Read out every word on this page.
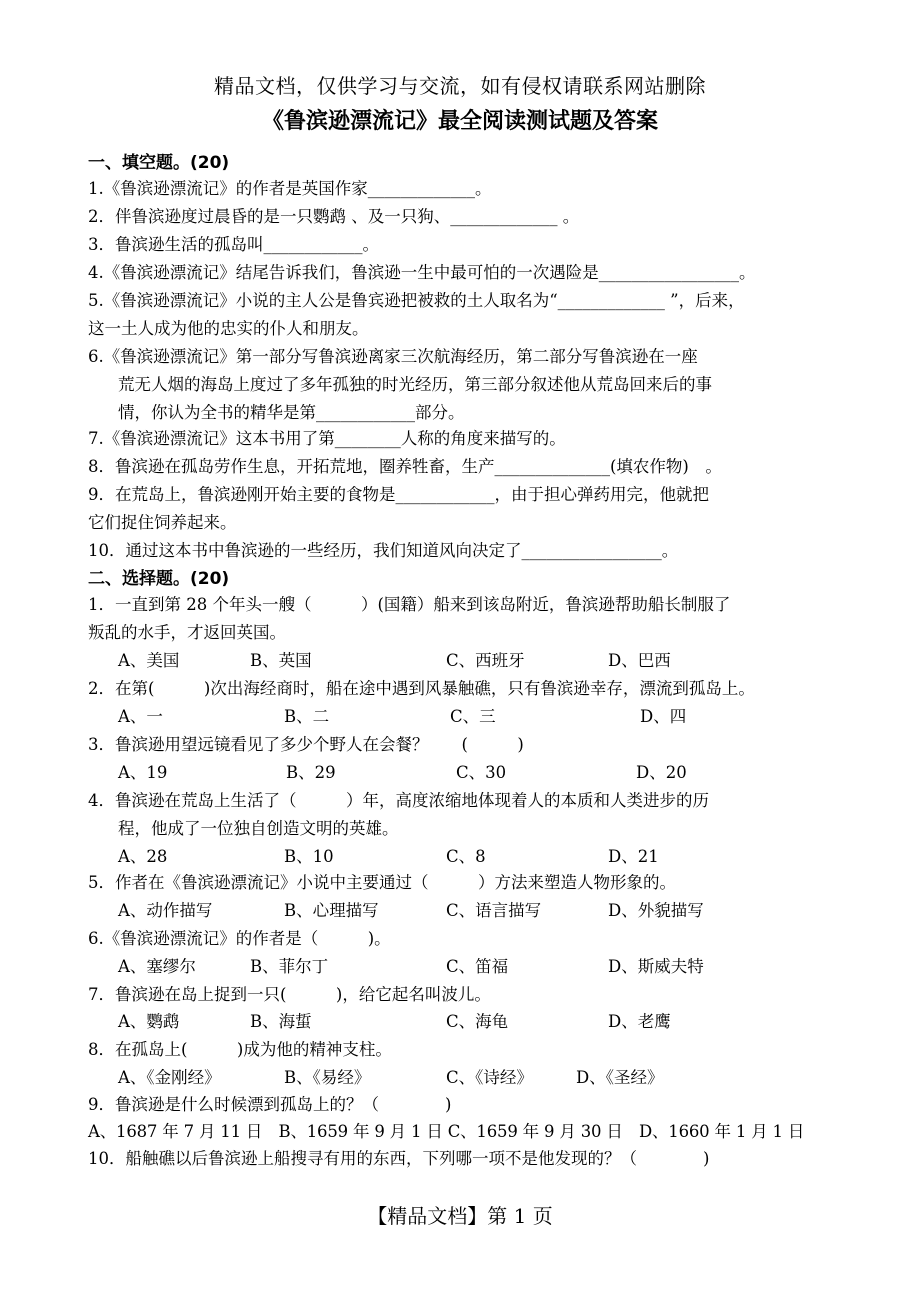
精品文档，仅供学习与交流，如有侵权请联系网站删除
《鲁滨逊漂流记》最全阅读测试题及答案
一、填空题。(20)
1.《鲁滨逊漂流记》的作者是英国作家_____________。
2．伴鲁滨逊度过晨昏的是一只鹦鹉 、及一只狗、_____________ 。
3．鲁滨逊生活的孤岛叫____________。
4.《鲁滨逊漂流记》结尾告诉我们，鲁滨逊一生中最可怕的一次遇险是_________________。
5.《鲁滨逊漂流记》小说的主人公是鲁宾逊把被救的土人取名为“_____________ ”，后来，
这一土人成为他的忠实的仆人和朋友。
6.《鲁滨逊漂流记》第一部分写鲁滨逊离家三次航海经历，第二部分写鲁滨逊在一座
荒无人烟的海岛上度过了多年孤独的时光经历，第三部分叙述他从荒岛回来后的事
情，你认为全书的精华是第____________部分。
7.《鲁滨逊漂流记》这本书用了第________人称的角度来描写的。
8．鲁滨逊在孤岛劳作生息，开拓荒地，圈养牲畜，生产______________(填农作物)　。
9．在荒岛上，鲁滨逊刚开始主要的食物是____________，由于担心弹药用完，他就把
它们捉住饲养起来。
10．通过这本书中鲁滨逊的一些经历，我们知道风向决定了_________________。
二、选择题。(20)
1．一直到第 28 个年头一艘（　　　）(国籍）船来到该岛附近，鲁滨逊帮助船长制服了
叛乱的水手，才返回英国。
A、美国	B、英国	C、西班牙	D、巴西
2．在第(　　　)次出海经商时，船在途中遇到风暴触礁，只有鲁滨逊幸存，漂流到孤岛上。
A、一	B、二	C、三	D、四
3．鲁滨逊用望远镜看见了多少个野人在会餐？　　(　　　)
A、19	B、29	C、30	D、20
4．鲁滨逊在荒岛上生活了（　　　）年，高度浓缩地体现着人的本质和人类进步的历
程，他成了一位独自创造文明的英雄。
A、28	B、10	C、8	D、21
5．作者在《鲁滨逊漂流记》小说中主要通过（　　　）方法来塑造人物形象的。
A、动作描写	B、心理描写	C、语言描写	D、外貌描写
6.《鲁滨逊漂流记》的作者是（　　　)。
A、塞缪尔	B、菲尔丁	C、笛福	D、斯威夫特
7．鲁滨逊在岛上捉到一只(　　　)，给它起名叫波儿。
A、鹦鹉	B、海蜇	C、海龟	D、老鹰
8．在孤岛上(　　　)成为他的精神支柱。
A、《金刚经》	B、《易经》	C、《诗经》	D、《圣经》
9．鲁滨逊是什么时候漂到孤岛上的？（　　　　)
A、1687 年 7 月 11 日　B、1659 年 9 月 1 日 C、1659 年 9 月 30 日　D、1660 年 1 月 1 日
10．船触礁以后鲁滨逊上船搜寻有用的东西，下列哪一项不是他发现的？（　　　　)
【精品文档】第 1 页
